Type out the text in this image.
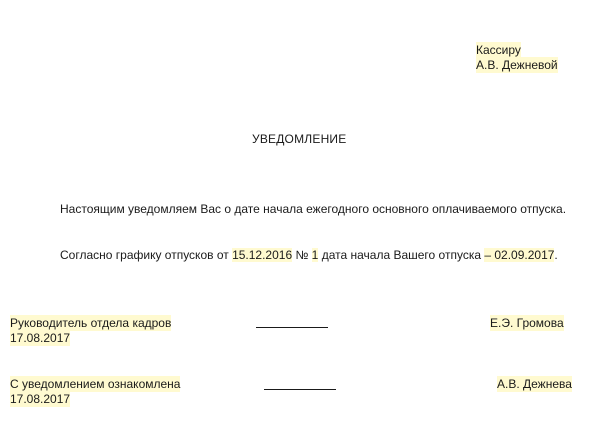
Кассиру
А.В. Дежневой
УВЕДОМЛЕНИЕ
Настоящим уведомляем Вас о дате начала ежегодного основного оплачиваемого отпуска.
Согласно графику отпусков от 15.12.2016 № 1 дата начала Вашего отпуска – 02.09.2017.
Руководитель отдела кадров
17.08.2017
Е.Э. Громова
С уведомлением ознакомлена
17.08.2017
А.В. Дежнева
